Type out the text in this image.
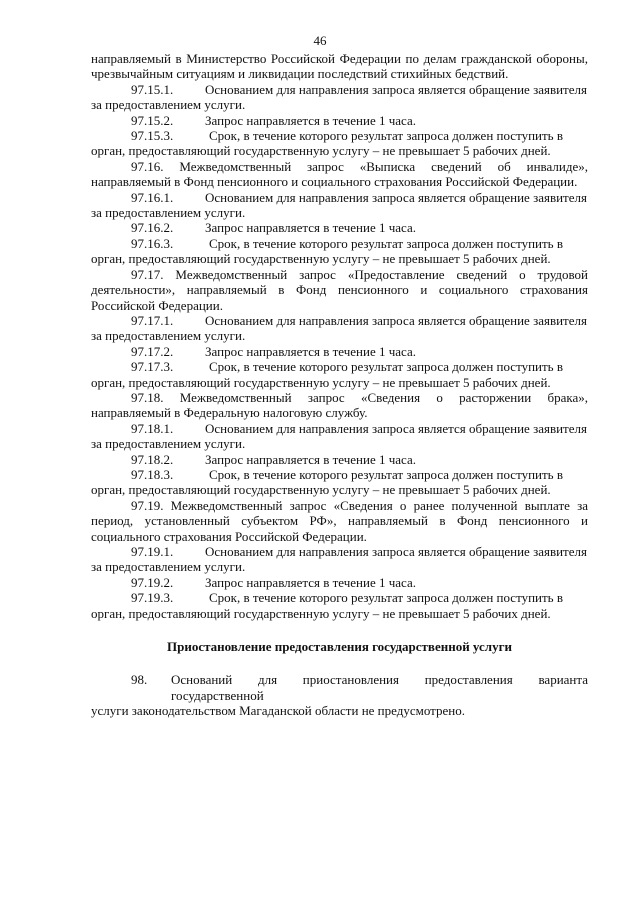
46

направляемый в Министерство Российской Федерации по делам гражданской обороны, чрезвычайным ситуациям и ликвидации последствий стихийных бедствий.

97.15.1.	Основанием для направления запроса является обращение заявителя

за предоставлением услуги.

97.15.2.	Запрос направляется в течение 1 часа.
97.15.3.	Срок, в течение которого результат запроса должен поступить в

орган, предоставляющий государственную услугу – не превышает 5 рабочих дней.

97.16. Межведомственный запрос «Выписка сведений об инвалиде», направляемый в Фонд пенсионного и социального страхования Российской Федерации.

97.16.1.	Основанием для направления запроса является обращение заявителя

за предоставлением услуги.

97.16.2.	Запрос направляется в течение 1 часа.
97.16.3.	Срок, в течение которого результат запроса должен поступить в

орган, предоставляющий государственную услугу – не превышает 5 рабочих дней.

97.17. Межведомственный запрос «Предоставление сведений о трудовой деятельности», направляемый в Фонд пенсионного и социального страхования Российской Федерации.

97.17.1.	Основанием для направления запроса является обращение заявителя

за предоставлением услуги.

97.17.2.	Запрос направляется в течение 1 часа.
97.17.3.	Срок, в течение которого результат запроса должен поступить в

орган, предоставляющий государственную услугу – не превышает 5 рабочих дней.

97.18. Межведомственный запрос «Сведения о расторжении брака», направляемый в Федеральную налоговую службу.

97.18.1.	Основанием для направления запроса является обращение заявителя

за предоставлением услуги.

97.18.2.	Запрос направляется в течение 1 часа.
97.18.3.	Срок, в течение которого результат запроса должен поступить в

орган, предоставляющий государственную услугу – не превышает 5 рабочих дней.

97.19. Межведомственный запрос «Сведения о ранее полученной выплате за период, установленный субъектом РФ», направляемый в Фонд пенсионного и социального страхования Российской Федерации.

97.19.1.	Основанием для направления запроса является обращение заявителя

за предоставлением услуги.

97.19.2.	Запрос направляется в течение 1 часа.
97.19.3.	Срок, в течение которого результат запроса должен поступить в

орган, предоставляющий государственную услугу – не превышает 5 рабочих дней.

Приостановление предоставления государственной услуги

98.	Оснований для приостановления предоставления варианта государственной

услуги законодательством Магаданской области не предусмотрено.
